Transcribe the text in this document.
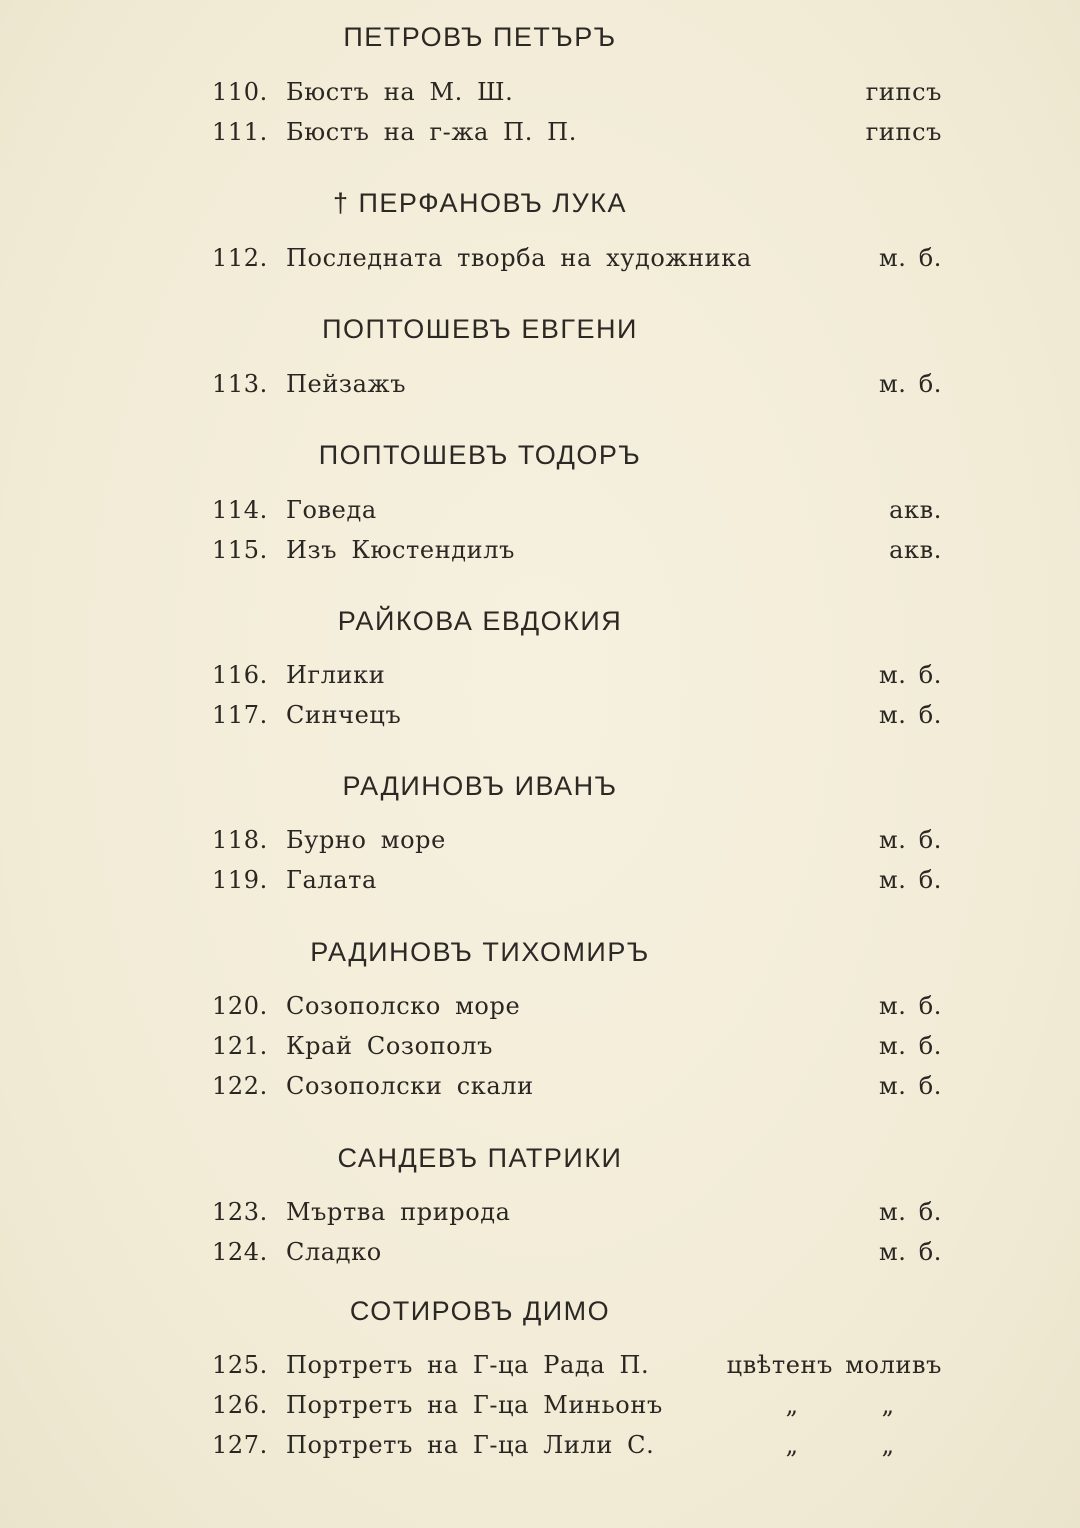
ПЕТРОВЪ ПЕТЪРЪ
110. Бюстъ на М. Ш.	гипсъ
111. Бюстъ на г-жа П. П.	гипсъ
† ПЕРФАНОВЪ ЛУКА
112. Последната творба на художника	м. б.
ПОПТОШЕВЪ ЕВГЕНИ
113. Пейзажъ	м. б.
ПОПТОШЕВЪ ТОДОРЪ
114. Говеда	акв.
115. Изъ Кюстендилъ	акв.
РАЙКОВА ЕВДОКИЯ
116. Иглики	м. б.
117. Синчецъ	м. б.
РАДИНОВЪ ИВАНЪ
118. Бурно море	м. б.
119. Галата	м. б.
РАДИНОВЪ ТИХОМИРЪ
120. Созополско море	м. б.
121. Край Созополъ	м. б.
122. Созополски скали	м. б.
САНДЕВЪ ПАТРИКИ
123. Мъртва природа	м. б.
124. Сладко	м. б.
СОТИРОВЪ ДИМО
125. Портретъ на Г-ца Рада П.	цвѣтенъ моливъ
126. Портретъ на Г-ца Миньонъ	„	„
127. Портретъ на Г-ца Лили С.	„	„
